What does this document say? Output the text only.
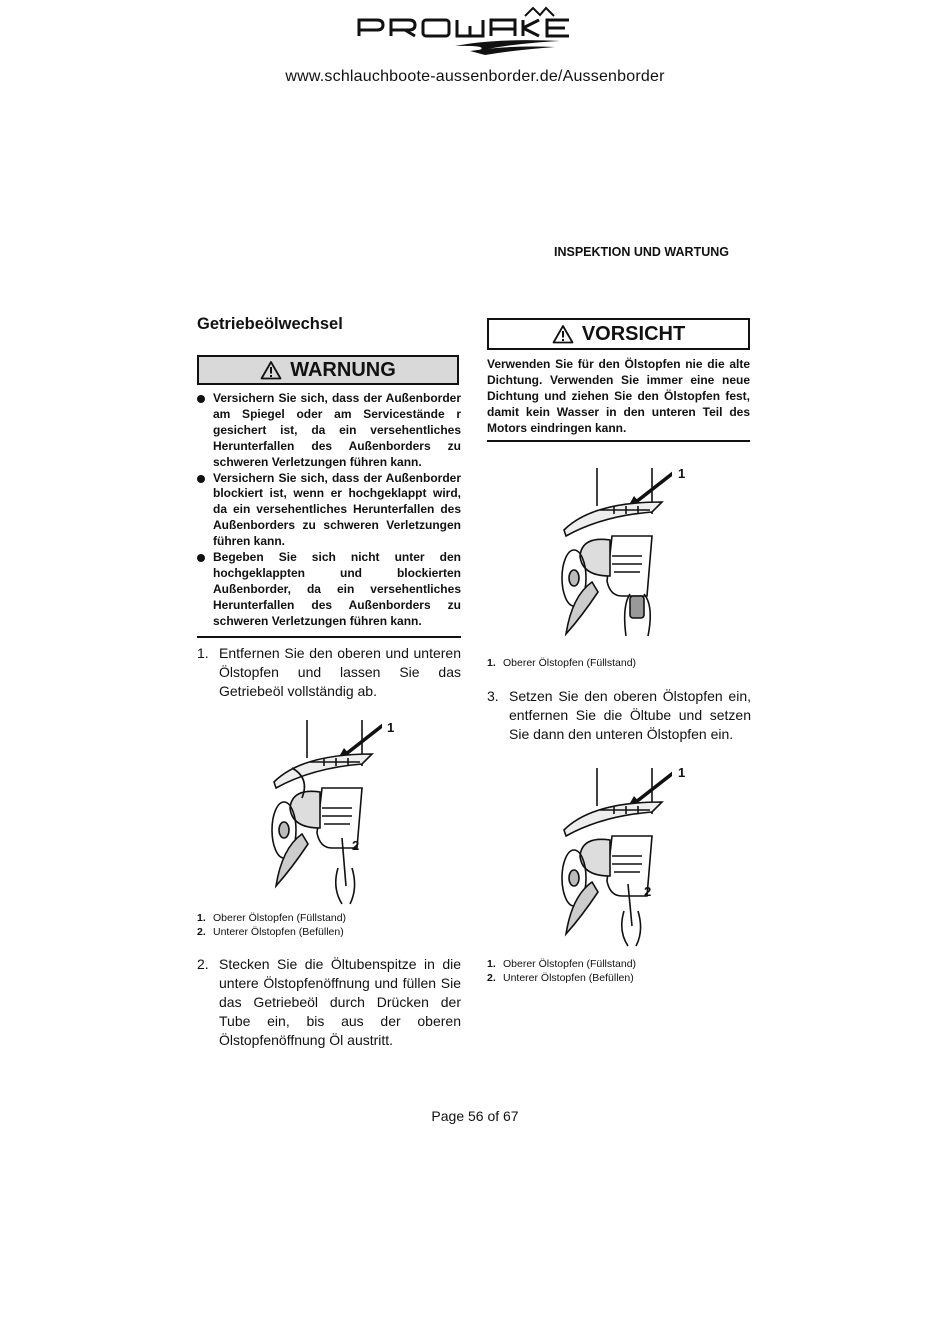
www.schlauchboote-aussenborder.de/Aussenborder
INSPEKTION UND WARTUNG
Getriebeölwechsel
WARNUNG
Versichern Sie sich, dass der Außenborder am Spiegel oder am Servicestände r gesichert ist, da ein versehentliches Herunterfallen des Außenborders zu schweren Verletzungen führen kann.
Versichern Sie sich, dass der Außenborder blockiert ist, wenn er hochgeklappt wird, da ein versehentliches Herunterfallen des Außenborders zu schweren Verletzungen führen kann.
Begeben Sie sich nicht unter den hochgeklappten und blockierten Außenborder, da ein versehentliches Herunterfallen des Außenborders zu schweren Verletzungen führen kann.
VORSICHT
Verwenden Sie für den Ölstopfen nie die alte Dichtung. Verwenden Sie immer eine neue Dichtung und ziehen Sie den Ölstopfen fest, damit kein Wasser in den unteren Teil des Motors eindringen kann.
1. Entfernen Sie den oberen und unteren Ölstopfen und lassen Sie das Getriebeöl vollständig ab.
1
2
1. Oberer Ölstopfen (Füllstand)
2. Unterer Ölstopfen (Befüllen)
2. Stecken Sie die Öltubenspitze in die untere Ölstopfenöffnung und füllen Sie das Getriebeöl durch Drücken der Tube ein, bis aus der oberen Ölstopfenöffnung Öl austritt.
1
1. Oberer Ölstopfen (Füllstand)
3. Setzen Sie den oberen Ölstopfen ein, entfernen Sie die Öltube und setzen Sie dann den unteren Ölstopfen ein.
1
2
1. Oberer Ölstopfen (Füllstand)
2. Unterer Ölstopfen (Befüllen)
Page 56 of 67
